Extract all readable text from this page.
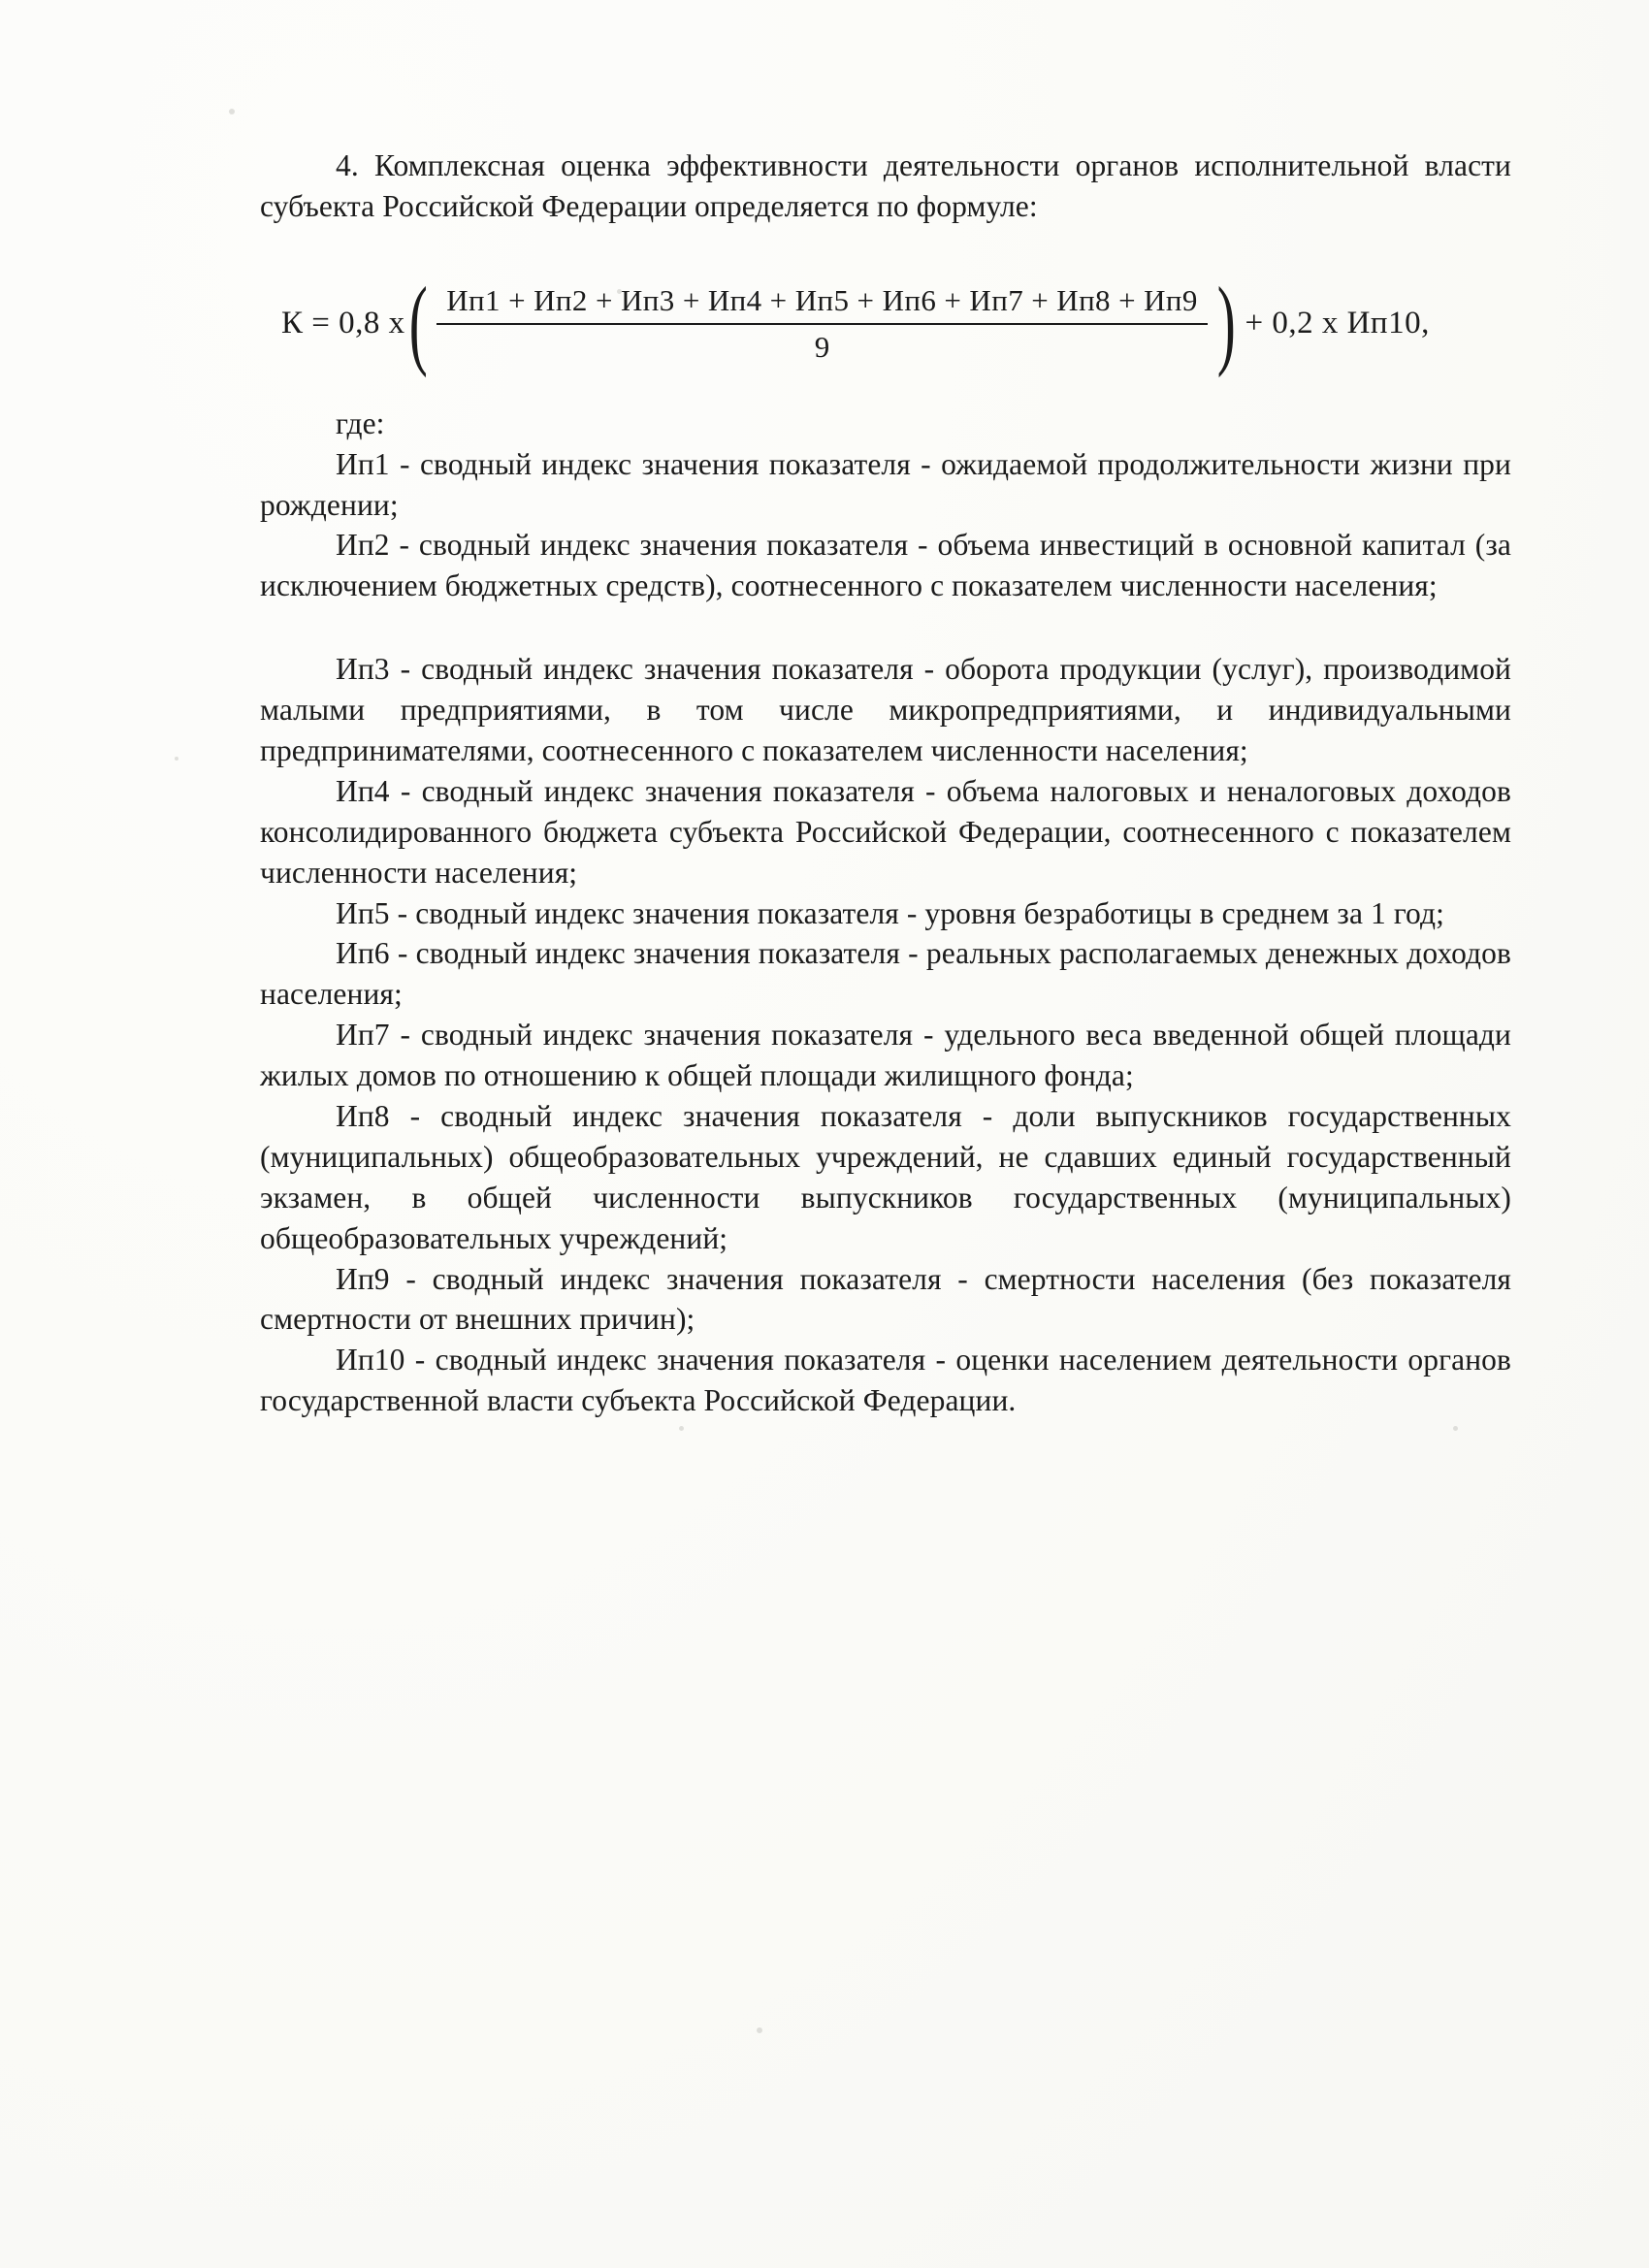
4. Комплексная оценка эффективности деятельности органов исполнительной власти субъекта Российской Федерации определяется по формуле:

К = 0,8 х ( $\frac{Ип1 + Ип2 + Ип3 + Ип4 + Ип5 + Ип6 + Ип7 + Ип8 + Ип9}{9}$ ) + 0,2 х Ип10,

где:

Ип1 - сводный индекс значения показателя - ожидаемой продолжительности жизни при рождении;

Ип2 - сводный индекс значения показателя - объема инвестиций в основной капитал (за исключением бюджетных средств), соотнесенного с показателем численности населения;

Ип3 - сводный индекс значения показателя - оборота продукции (услуг), производимой малыми предприятиями, в том числе микропредприятиями, и индивидуальными предпринимателями, соотнесенного с показателем численности населения;

Ип4 - сводный индекс значения показателя - объема налоговых и неналоговых доходов консолидированного бюджета субъекта Российской Федерации, соотнесенного с показателем численности населения;

Ип5 - сводный индекс значения показателя - уровня безработицы в среднем за 1 год;

Ип6 - сводный индекс значения показателя - реальных располагаемых денежных доходов населения;

Ип7 - сводный индекс значения показателя - удельного веса введенной общей площади жилых домов по отношению к общей площади жилищного фонда;

Ип8 - сводный индекс значения показателя - доли выпускников государственных (муниципальных) общеобразовательных учреждений, не сдавших единый государственный экзамен, в общей численности выпускников государственных (муниципальных) общеобразовательных учреждений;

Ип9 - сводный индекс значения показателя - смертности населения (без показателя смертности от внешних причин);

Ип10 - сводный индекс значения показателя - оценки населением деятельности органов государственной власти субъекта Российской Федерации.
